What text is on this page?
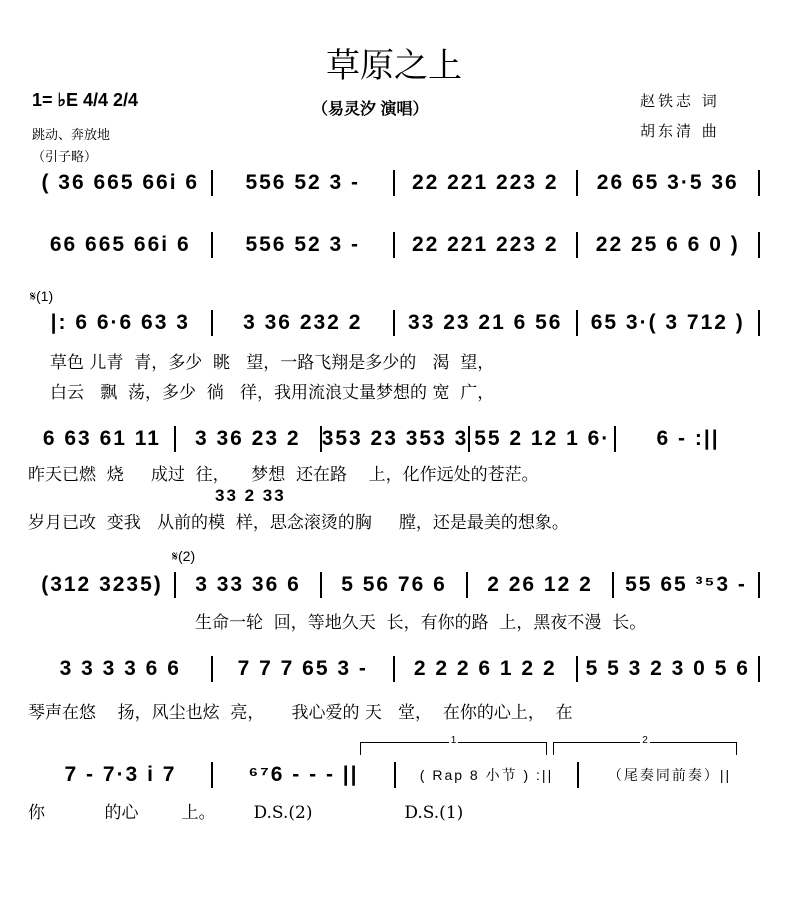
草原之上
（易灵汐 演唱）
1= ♭E 4/4 2/4
跳动、奔放地
（引子略）
赵铁志 词
胡东清 曲
( 36 665 66i 6	556 52 3 -	22 221 223 2	26 65 3·5 36
66 665 66i 6	556 52 3 -	22 221 223 2	22 25 6 6 0 )
|: 6 6·6 63 3	3 36 232 2	33 23 21 6 56	65 3·( 3 712 )
6 63 61 11	3 36 23 2	353 23 353 3 55 2 12 1 6·	6 - :||
(312 3235)	3 33 36 6	5 56 76 6	2 26 12 2	55 65 ³⁵3 -
3 3 3 3 6 6	7 7 7 65 3 -	2 2 2 6 1 2 2	5 5 3 2 3 0 5 6
7 - 7·3 i 7	⁶⁷6 - - - ||	( Rap 8 小节 ) :||	（尾奏同前奏）||
𝄋(1)
𝄋(2)
草色 儿青  青，多少  眺   望，一路飞翔是多少的   渴  望，
白云   飘  荡，多少  徜   徉，我用流浪丈量梦想的 宽  广，
昨天已燃  烧     成过  往，    梦想  还在路    上，化作远处的苍茫。
33 2 33
岁月已改  变我   从前的模  样，思念滚烫的胸     膛，还是最美的想象。
生命一轮  回，等地久天  长，有你的路  上，黑夜不漫  长。
琴声在悠    扬，风尘也炫  亮，     我心爱的 天   堂，  在你的心上，  在
你           的心        上。       D.S.(2)                 D.S.(1)
1	2
